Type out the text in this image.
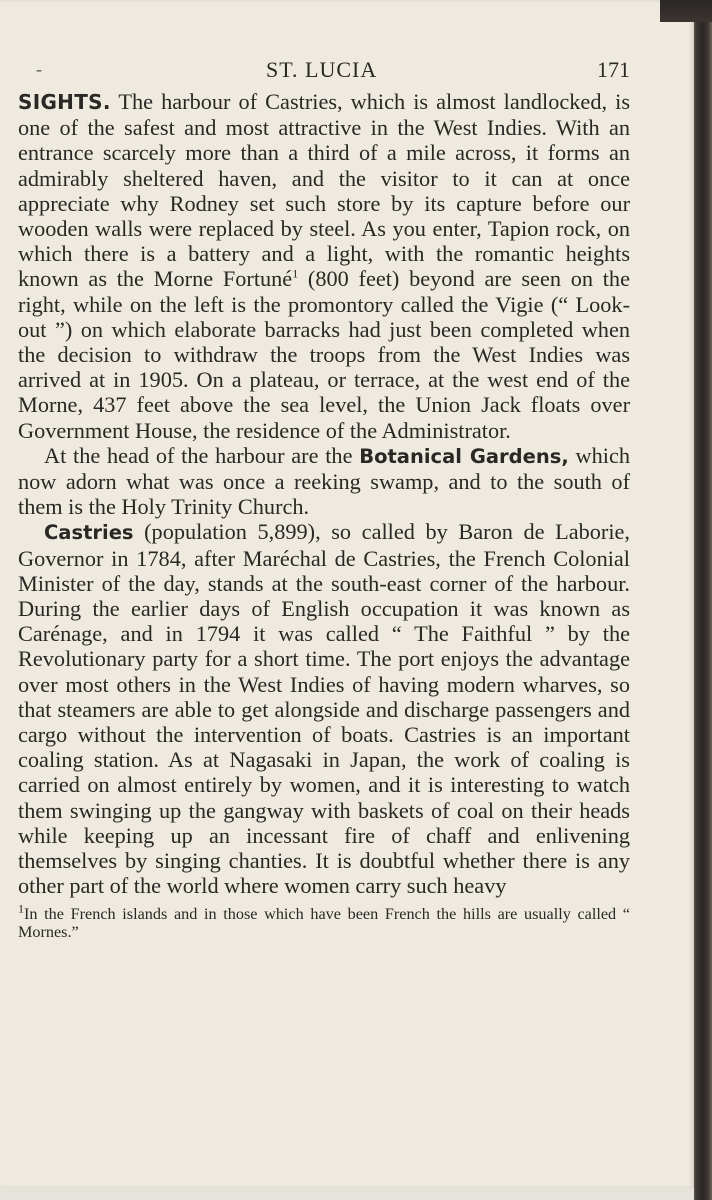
-	ST. LUCIA	171

SIGHTS. The harbour of Castries, which is almost landlocked, is one of the safest and most attractive in the West Indies. With an entrance scarcely more than a third of a mile across, it forms an admirably sheltered haven, and the visitor to it can at once appreciate why Rodney set such store by its capture before our wooden walls were replaced by steel. As you enter, Tapion rock, on which there is a battery and a light, with the romantic heights known as the Morne Fortuné$^1$ (800 feet) beyond are seen on the right, while on the left is the promontory called the Vigie (“ Look-out ”) on which elaborate barracks had just been completed when the decision to withdraw the troops from the West Indies was arrived at in 1905. On a plateau, or terrace, at the west end of the Morne, 437 feet above the sea level, the Union Jack floats over Government House, the residence of the Administrator.

At the head of the harbour are the Botanical Gardens, which now adorn what was once a reeking swamp, and to the south of them is the Holy Trinity Church.

Castries (population 5,899), so called by Baron de Laborie, Governor in 1784, after Maréchal de Castries, the French Colonial Minister of the day, stands at the south-east corner of the harbour. During the earlier days of English occupation it was known as Carénage, and in 1794 it was called “ The Faithful ” by the Revolutionary party for a short time. The port enjoys the advantage over most others in the West Indies of having modern wharves, so that steamers are able to get alongside and discharge passengers and cargo without the intervention of boats. Castries is an important coaling station. As at Nagasaki in Japan, the work of coaling is carried on almost entirely by women, and it is interesting to watch them swinging up the gangway with baskets of coal on their heads while keeping up an incessant fire of chaff and enlivening themselves by singing chanties. It is doubtful whether there is any other part of the world where women carry such heavy

$^1$In the French islands and in those which have been French the hills are usually called “ Mornes.”
